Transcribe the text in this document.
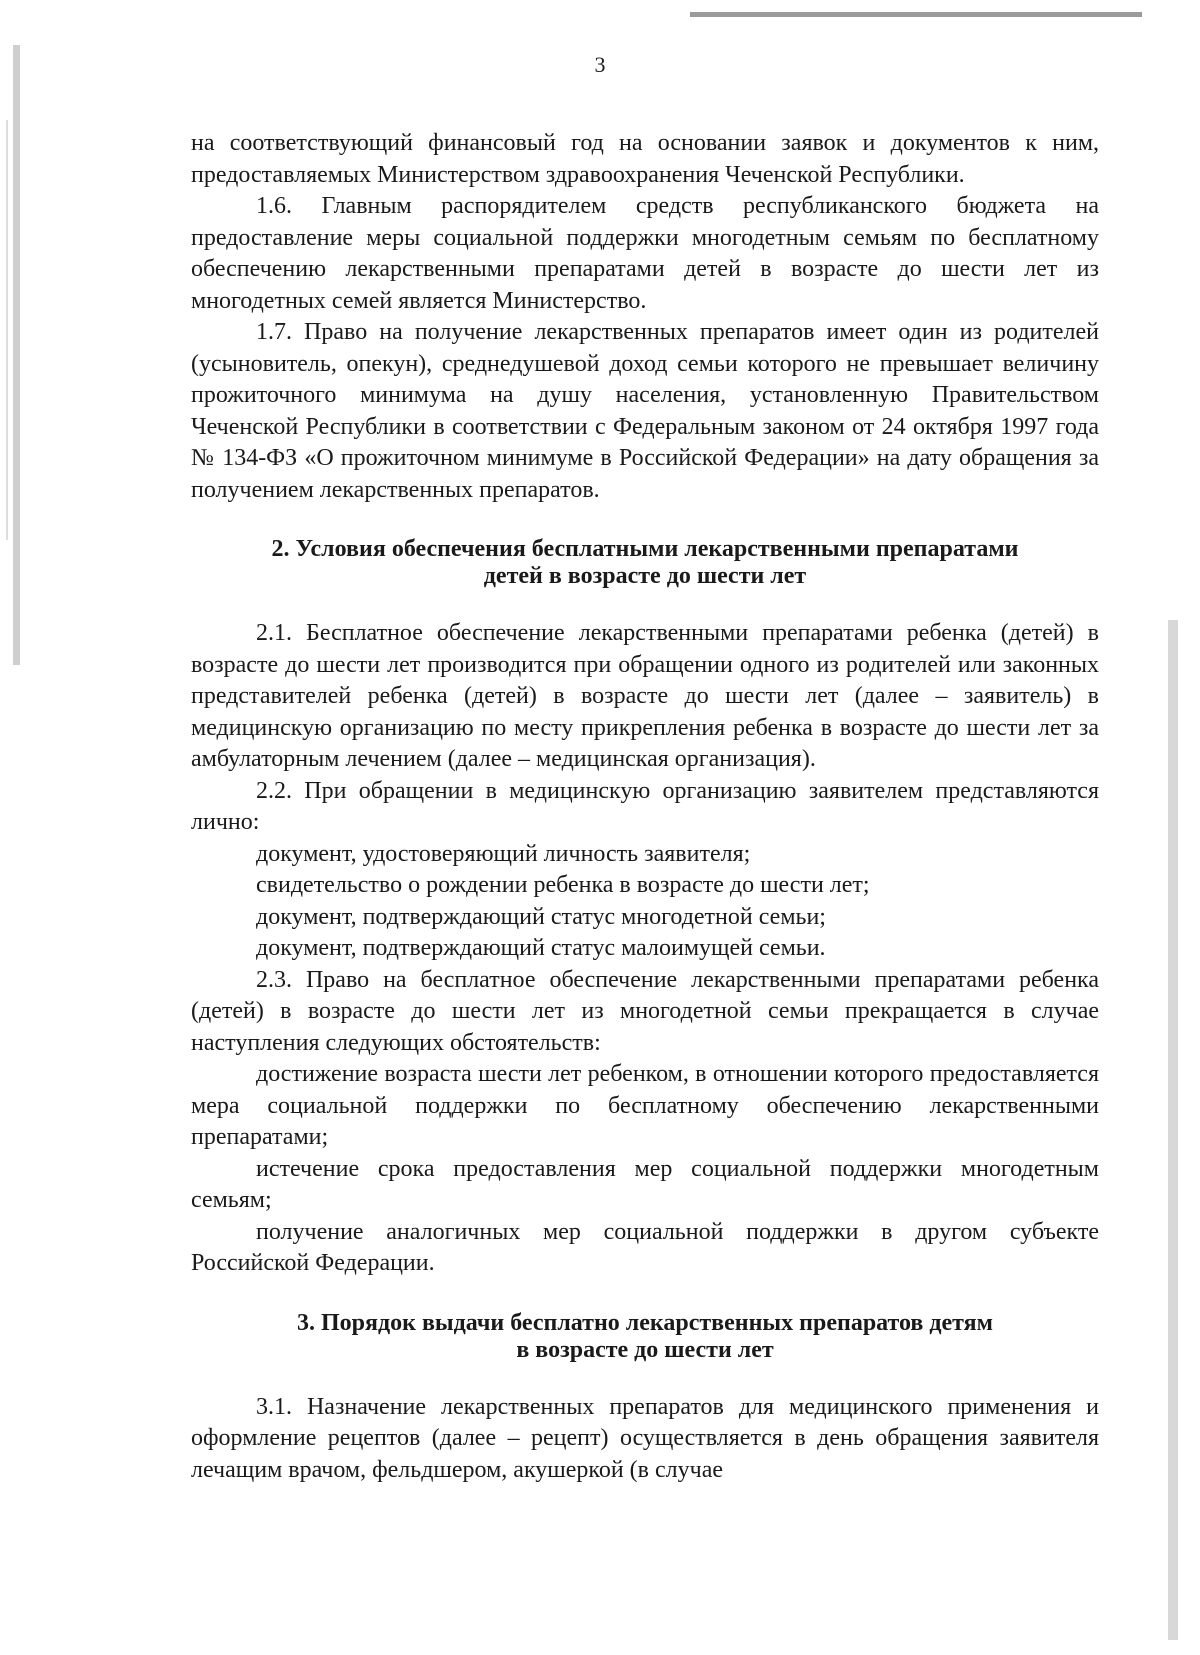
3

на соответствующий финансовый год на основании заявок и документов к ним, предоставляемых Министерством здравоохранения Чеченской Республики.

1.6. Главным распорядителем средств республиканского бюджета на предоставление меры социальной поддержки многодетным семьям по бесплатному обеспечению лекарственными препаратами детей в возрасте до шести лет из многодетных семей является Министерство.

1.7. Право на получение лекарственных препаратов имеет один из родителей (усыновитель, опекун), среднедушевой доход семьи которого не превышает величину прожиточного минимума на душу населения, установленную Правительством Чеченской Республики в соответствии с Федеральным законом от 24 октября 1997 года № 134-ФЗ «О прожиточном минимуме в Российской Федерации» на дату обращения за получением лекарственных препаратов.

2. Условия обеспечения бесплатными лекарственными препаратами
детей в возрасте до шести лет

2.1. Бесплатное обеспечение лекарственными препаратами ребенка (детей) в возрасте до шести лет производится при обращении одного из родителей или законных представителей ребенка (детей) в возрасте до шести лет (далее – заявитель) в медицинскую организацию по месту прикрепления ребенка в возрасте до шести лет за амбулаторным лечением (далее – медицинская организация).

2.2. При обращении в медицинскую организацию заявителем представляются лично:

документ, удостоверяющий личность заявителя;

свидетельство о рождении ребенка в возрасте до шести лет;

документ, подтверждающий статус многодетной семьи;

документ, подтверждающий статус малоимущей семьи.

2.3. Право на бесплатное обеспечение лекарственными препаратами ребенка (детей) в возрасте до шести лет из многодетной семьи прекращается в случае наступления следующих обстоятельств:

достижение возраста шести лет ребенком, в отношении которого предоставляется мера социальной поддержки по бесплатному обеспечению лекарственными препаратами;

истечение срока предоставления мер социальной поддержки многодетным семьям;

получение аналогичных мер социальной поддержки в другом субъекте Российской Федерации.

3. Порядок выдачи бесплатно лекарственных препаратов детям
в возрасте до шести лет

3.1. Назначение лекарственных препаратов для медицинского применения и оформление рецептов (далее – рецепт) осуществляется в день обращения заявителя лечащим врачом, фельдшером, акушеркой (в случае
